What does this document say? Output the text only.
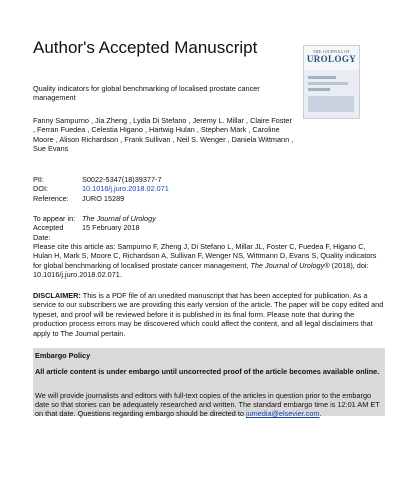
Author's Accepted Manuscript	THE JOURNAL OF
UROLOGY
Quality indicators for global benchmarking of localised prostate cancer management
Fanny Sampurno , Jia Zheng , Lydia Di Stefano , Jeremy L. Millar , Claire Foster , Ferran Fuedea , Celestia Higano , Hartwig Hulan , Stephen Mark , Caroline Moore , Alison Richardson , Frank Sullivan , Neil S. Wenger , Daniela Wittmann , Sue Evans
PII:	S0022-5347(18)39377-7
DOI:	10.1016/j.juro.2018.02.071
Reference:	JURO 15289
To appear in: The Journal of Urology
Accepted Date:
15 February 2018
Please cite this article as: Sampurno F, Zheng J, Di Stefano L, Millar JL, Foster C, Fuedea F, Higano C, Hulan H, Mark S, Moore C, Richardson A, Sullivan F, Wenger NS, Wittmann D, Evans S, Quality indicators for global benchmarking of localised prostate cancer management, The Journal of Urology® (2018), doi: 10.1016/j.juro.2018.02.071.
DISCLAIMER: This is a PDF file of an unedited manuscript that has been accepted for publication. As a service to our subscribers we are providing this early version of the article. The paper will be copy edited and typeset, and proof will be reviewed before it is published in its final form. Please note that during the production process errors may be discovered which could affect the content, and all legal disclaimers that apply to The Journal pertain.
Embargo Policy
All article content is under embargo until uncorrected proof of the article becomes available online.
We will provide journalists and editors with full-text copies of the articles in question prior to the embargo date so that stories can be adequately researched and written. The standard embargo time is 12:01 AM ET on that date. Questions regarding embargo should be directed to jumedia@elsevier.com.
